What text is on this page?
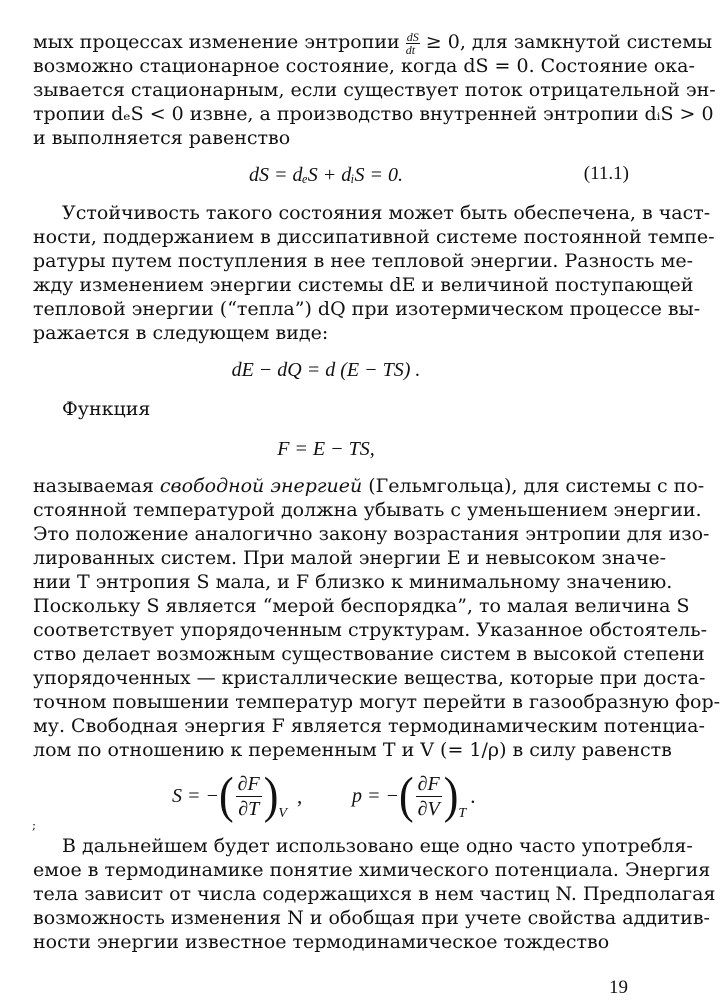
мых процессах изменение энтропии $\frac{dS}{dt} \ge 0$, для замкнутой системы
возможно стационарное состояние, когда dS = 0. Состояние ока-
зывается стационарным, если существует поток отрицательной эн-
тропии dₑS < 0 извне, а производство внутренней энтропии dᵢS > 0
и выполняется равенство
dS = dₑS + dᵢS = 0.	(11.1)
Устойчивость такого состояния может быть обеспечена, в част-
ности, поддержанием в диссипативной системе постоянной темпе-
ратуры путем поступления в нее тепловой энергии. Разность ме-
жду изменением энергии системы dE и величиной поступающей
тепловой энергии (“тепла”) dQ при изотермическом процессе вы-
ражается в следующем виде:
dE − dQ = d (E − TS) .
Функция
F = E − TS,
называемая свободной энергией (Гельмгольца), для системы с по-
стоянной температурой должна убывать с уменьшением энергии.
Это положение аналогично закону возрастания энтропии для изо-
лированных систем. При малой энергии E и невысоком значе-
нии T энтропия S мала, и F близко к минимальному значению.
Поскольку S является “мерой беспорядка”, то малая величина S
соответствует упорядоченным структурам. Указанное обстоятель-
ство делает возможным существование систем в высокой степени
упорядоченных — кристаллические вещества, которые при доста-
точном повышении температур могут перейти в газообразную фор-
му. Свободная энергия F является термодинамическим потенциа-
лом по отношению к переменным T и V (= 1/ρ) в силу равенств
S = − ( ∂F
∂T ) V
, p = − ( ∂F
∂V ) T
.
;
В дальнейшем будет использовано еще одно часто употребля-
емое в термодинамике понятие химического потенциала. Энергия
тела зависит от числа содержащихся в нем частиц N. Предполагая
возможность изменения N и обобщая при учете свойства аддитив-
ности энергии известное термодинамическое тождество
19
